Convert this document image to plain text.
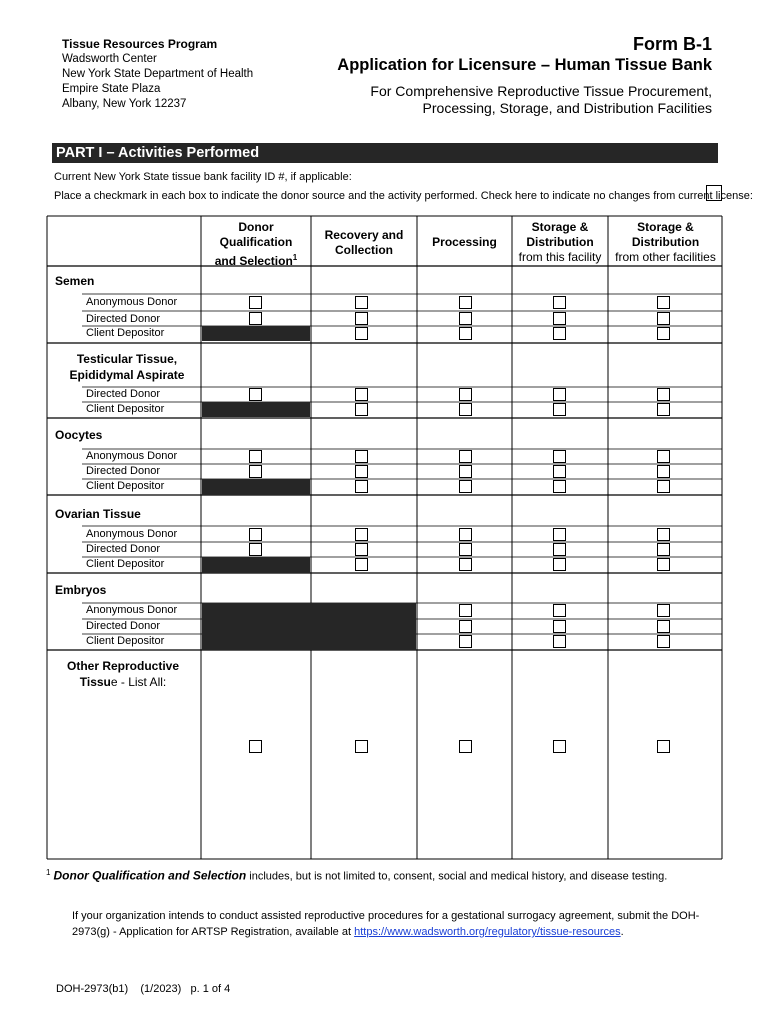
Tissue Resources Program
Wadsworth Center
New York State Department of Health
Empire State Plaza
Albany, New York 12237
Form B-1
Application for Licensure – Human Tissue Bank
For Comprehensive Reproductive Tissue Procurement,
Processing, Storage, and Distribution Facilities
PART I – Activities Performed
Current New York State tissue bank facility ID #, if applicable:
Place a checkmark in each box to indicate the donor source and the activity performed. Check here to indicate no changes from current license:
Donor
Qualification
and Selection$^1$
Recovery and
Collection
Processing
Storage &
Distribution
from this facility
Storage &
Distribution
from other facilities
Semen
Testicular Tissue,
Epididymal Aspirate
Oocytes
Ovarian Tissue
Embryos
Other Reproductive
Tissue - List All:
Anonymous Donor
Directed Donor
Client Depositor
Directed Donor
Client Depositor
Anonymous Donor
Directed Donor
Client Depositor
Anonymous Donor
Directed Donor
Client Depositor
Anonymous Donor
Directed Donor
Client Depositor
$^1$ Donor Qualification and Selection includes, but is not limited to, consent, social and medical history, and disease testing.
If your organization intends to conduct assisted reproductive procedures for a gestational surrogacy agreement, submit the DOH-2973(g) - Application for ARTSP Registration, available at https://www.wadsworth.org/regulatory/tissue-resources.
DOH-2973(b1)    (1/2023)   p. 1 of 4
